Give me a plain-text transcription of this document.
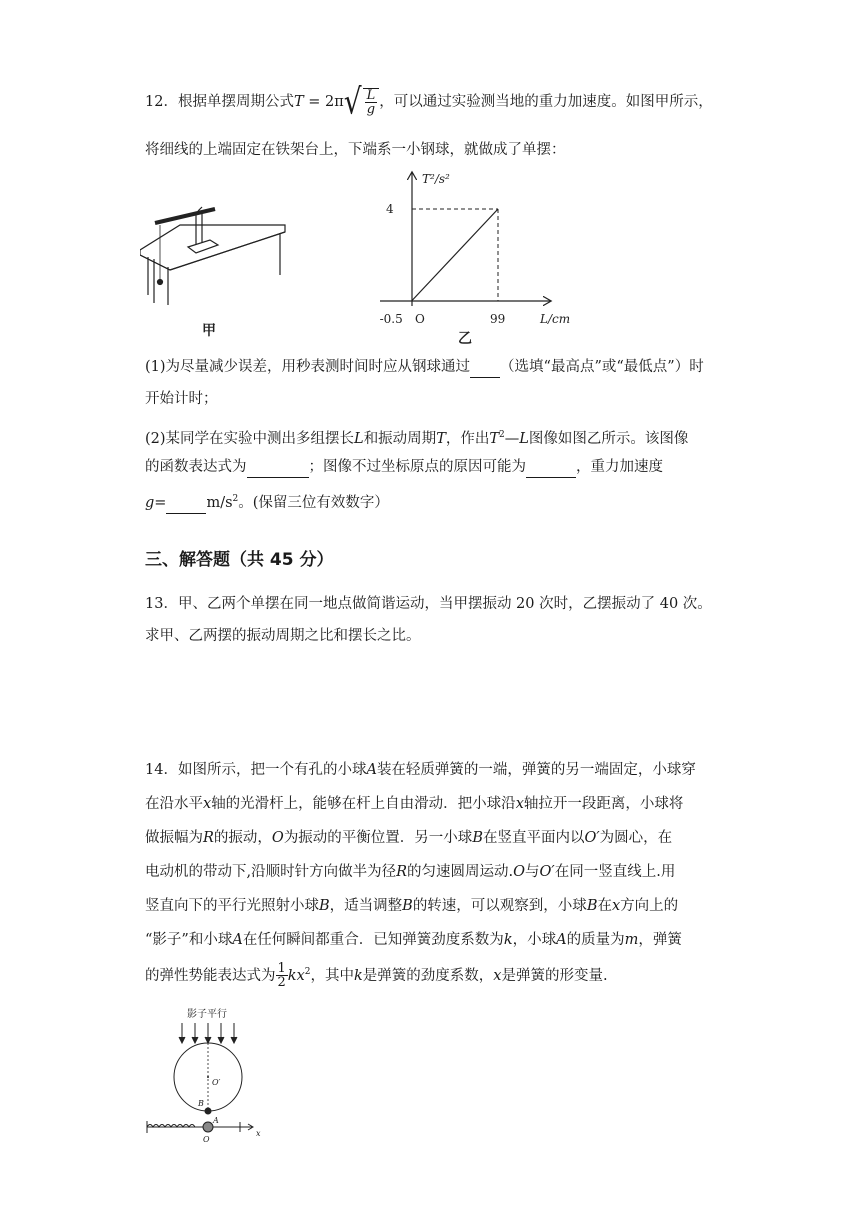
12．根据单摆周期公式$T = 2\pi√ \frac{L}{g}$ ，可以通过实验测当地的重力加速度。如图甲所示，
将细线的上端固定在铁架台上，下端系一小钢球，就做成了单摆：
甲
T²/s²
L/cm
4
-0.5 O	99
乙
(1)为尽量减少误差，用秒表测时间时应从钢球通过 （选填“最高点”或“最低点”）时
开始计时；
(2)某同学在实验中测出多组摆长L和振动周期T，作出$T^2—L$图像如图乙所示。该图像
的函数表达式为	；图像不过坐标原点的原因可能为	，重力加速度
g=	$m/s^2$。(保留三位有效数字）
三、解答题（共 45 分）
13．甲、乙两个单摆在同一地点做简谐运动，当甲摆振动 20 次时，乙摆振动了 40 次。
求甲、乙两摆的振动周期之比和摆长之比。
14．如图所示，把一个有孔的小球A装在轻质弹簧的一端，弹簧的另一端固定，小球穿
在沿水平x轴的光滑杆上，能够在杆上自由滑动．把小球沿x轴拉开一段距离，小球将
做振幅为R的振动，O为振动的平衡位置．另一小球B在竖直平面内以O′为圆心，在
电动机的带动下,沿顺时针方向做半为径R的匀速圆周运动.O与O′在同一竖直线上.用
竖直向下的平行光照射小球B，适当调整B的转速，可以观察到，小球B在x方向上的
“影子”和小球A在任何瞬间都重合．已知弹簧劲度系数为k，小球A的质量为m，弹簧
的弹性势能表达式为 $\frac{1}{2} kx^2$，其中k是弹簧的劲度系数，x是弹簧的形变量.
影子平行
O′
B
A
x
O
